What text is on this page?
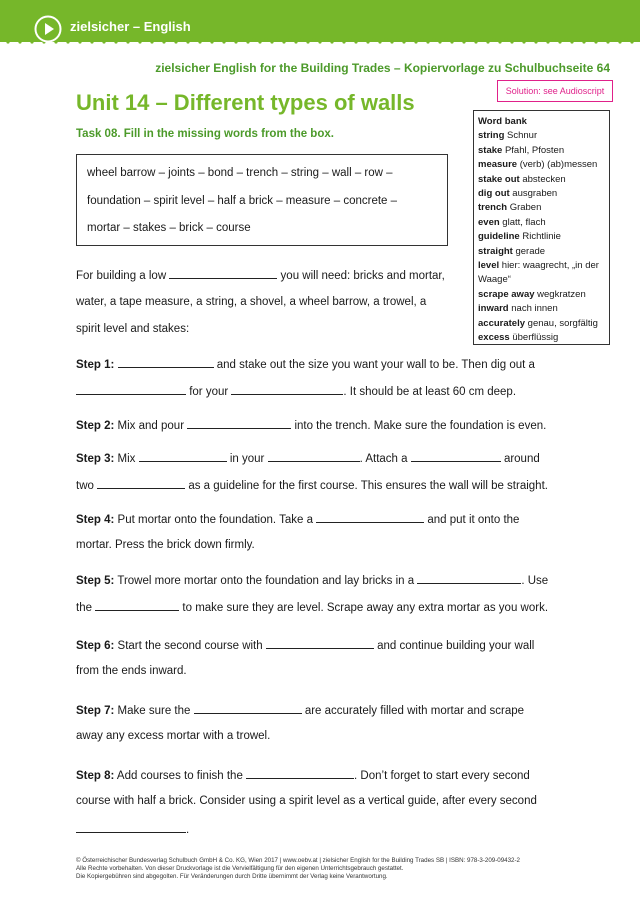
zielsicher – English
zielsicher English for the Building Trades – Kopiervorlage zu Schulbuchseite 64
Unit 14 – Different types of walls	Solution: see Audioscript
Task 08. Fill in the missing words from the box.
wheel barrow – joints – bond – trench – string – wall – row –
foundation – spirit level – half a brick – measure – concrete –
mortar – stakes – brick – course
Word bank
string Schnur
stake Pfahl, Pfosten
measure (verb) (ab)messen
stake out abstecken
dig out ausgraben
trench Graben
even glatt, flach
guideline Richtlinie
straight gerade
level hier: waagrecht, „in der
Waage“
scrape away wegkratzen
inward nach innen
accurately genau, sorgfältig
excess überflüssig
For building a low	you will need: bricks and mortar,
water, a tape measure, a string, a shovel, a wheel barrow, a trowel, a
spirit level and stakes:
Step 1:	and stake out the size you want your wall to be. Then dig out a
for your	. It should be at least 60 cm deep.
Step 2: Mix and pour	into the trench. Make sure the foundation is even.
Step 3: Mix	in your	. Attach a	around
two	as a guideline for the first course. This ensures the wall will be straight.
Step 4: Put mortar onto the foundation. Take a	and put it onto the
mortar. Press the brick down firmly.
Step 5: Trowel more mortar onto the foundation and lay bricks in a	. Use
the	to make sure they are level. Scrape away any extra mortar as you work.
Step 6: Start the second course with	and continue building your wall
from the ends inward.
Step 7: Make sure the	are accurately filled with mortar and scrape
away any excess mortar with a trowel.
Step 8: Add courses to finish the	. Don’t forget to start every second
course with half a brick. Consider using a spirit level as a vertical guide, after every second
.
© Österreichischer Bundesverlag Schulbuch GmbH & Co. KG, Wien 2017 | www.oebv.at | zielsicher English for the Building Trades SB | ISBN: 978-3-209-09432-2
Alle Rechte vorbehalten. Von dieser Druckvorlage ist die Vervielfältigung für den eigenen Unterrichtsgebrauch gestattet.
Die Kopiergebühren sind abgegolten. Für Veränderungen durch Dritte übernimmt der Verlag keine Verantwortung.
